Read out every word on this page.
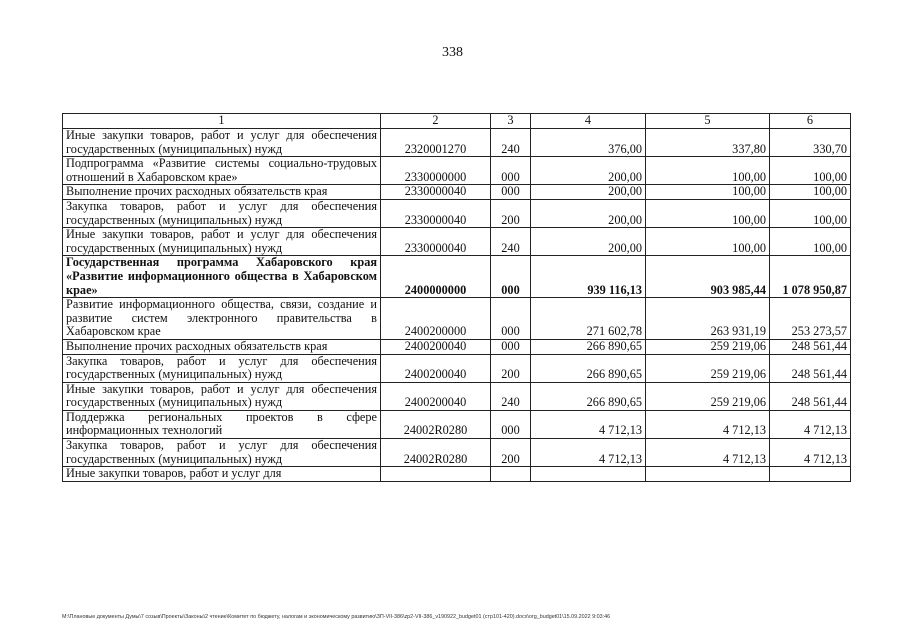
338
1	2	3	4	5	6
Иные закупки товаров, работ и услуг для обеспечения государственных (муниципальных) нужд	2320001270	240	376,00	337,80	330,70
Подпрограмма «Развитие системы социально-трудовых отношений в Хабаровском крае»	2330000000	000	200,00	100,00	100,00
Выполнение прочих расходных обязательств края	2330000040	000	200,00	100,00	100,00
Закупка товаров, работ и услуг для обеспечения государственных (муниципальных) нужд	2330000040	200	200,00	100,00	100,00
Иные закупки товаров, работ и услуг для обеспечения государственных (муниципальных) нужд	2330000040	240	200,00	100,00	100,00
Государственная программа Хабаровского края «Развитие информационного общества в Хабаровском крае»	2400000000	000	939 116,13	903 985,44	1 078 950,87
Развитие информационного общества, связи, создание и развитие систем электронного правительства в Хабаровском крае	2400200000	000	271 602,78	263 931,19	253 273,57
Выполнение прочих расходных обязательств края	2400200040	000	266 890,65	259 219,06	248 561,44
Закупка товаров, работ и услуг для обеспечения государственных (муниципальных) нужд	2400200040	200	266 890,65	259 219,06	248 561,44
Иные закупки товаров, работ и услуг для обеспечения государственных (муниципальных) нужд	2400200040	240	266 890,65	259 219,06	248 561,44
Поддержка региональных проектов в сфере информационных технологий	24002R0280	000	4 712,13	4 712,13	4 712,13
Закупка товаров, работ и услуг для обеспечения государственных (муниципальных) нужд	24002R0280	200	4 712,13	4 712,13	4 712,13
Иные закупки товаров, работ и услуг для					
M:\Плановые документы Думы\7 созыв\Проекты\Законы\2 чтение\Комитет по бюджету, налогам и экономическому развитию\ЗП-VII-386\zp2-VII-386_v190922_budget01 (стр101-420).docx\org_budget01\15.09.2022 9:03:46
